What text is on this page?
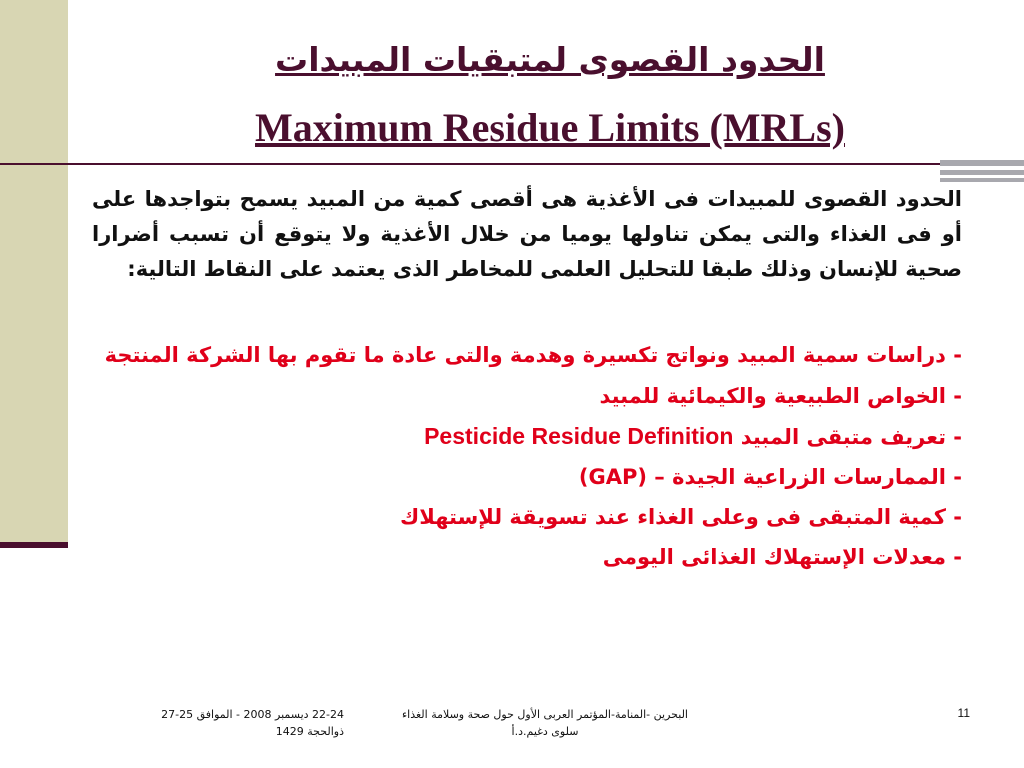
الحدود القصوى لمتبقيات المبيدات
Maximum Residue Limits (MRLs)
الحدود القصوى للمبيدات فى الأغذية هى أقصى كمية من المبيد يسمح بتواجدها على أو فى الغذاء والتى يمكن تناولها يوميا من خلال الأغذية ولا يتوقع أن تسبب أضرارا صحية للإنسان وذلك طبقا للتحليل العلمى للمخاطر الذى يعتمد على النقاط التالية:
- دراسات سمية المبيد ونواتج تكسيرة وهدمة والتى عادة ما تقوم بها الشركة المنتجة
- الخواص الطبيعية والكيمائية للمبيد
- تعريف متبقى المبيد Pesticide Residue Definition
- الممارسات الزراعية الجيدة – (GAP)
- كمية المتبقى فى وعلى الغذاء عند تسويقة للإستهلاك
- معدلات الإستهلاك الغذائى اليومى
22-24 ديسمبر 2008 - الموافق 25-27
ذوالحجة 1429
البحرين -المنامة-المؤتمر العربى الأول حول صحة وسلامة الغذاء
سلوى دغيم.د.أ
11
